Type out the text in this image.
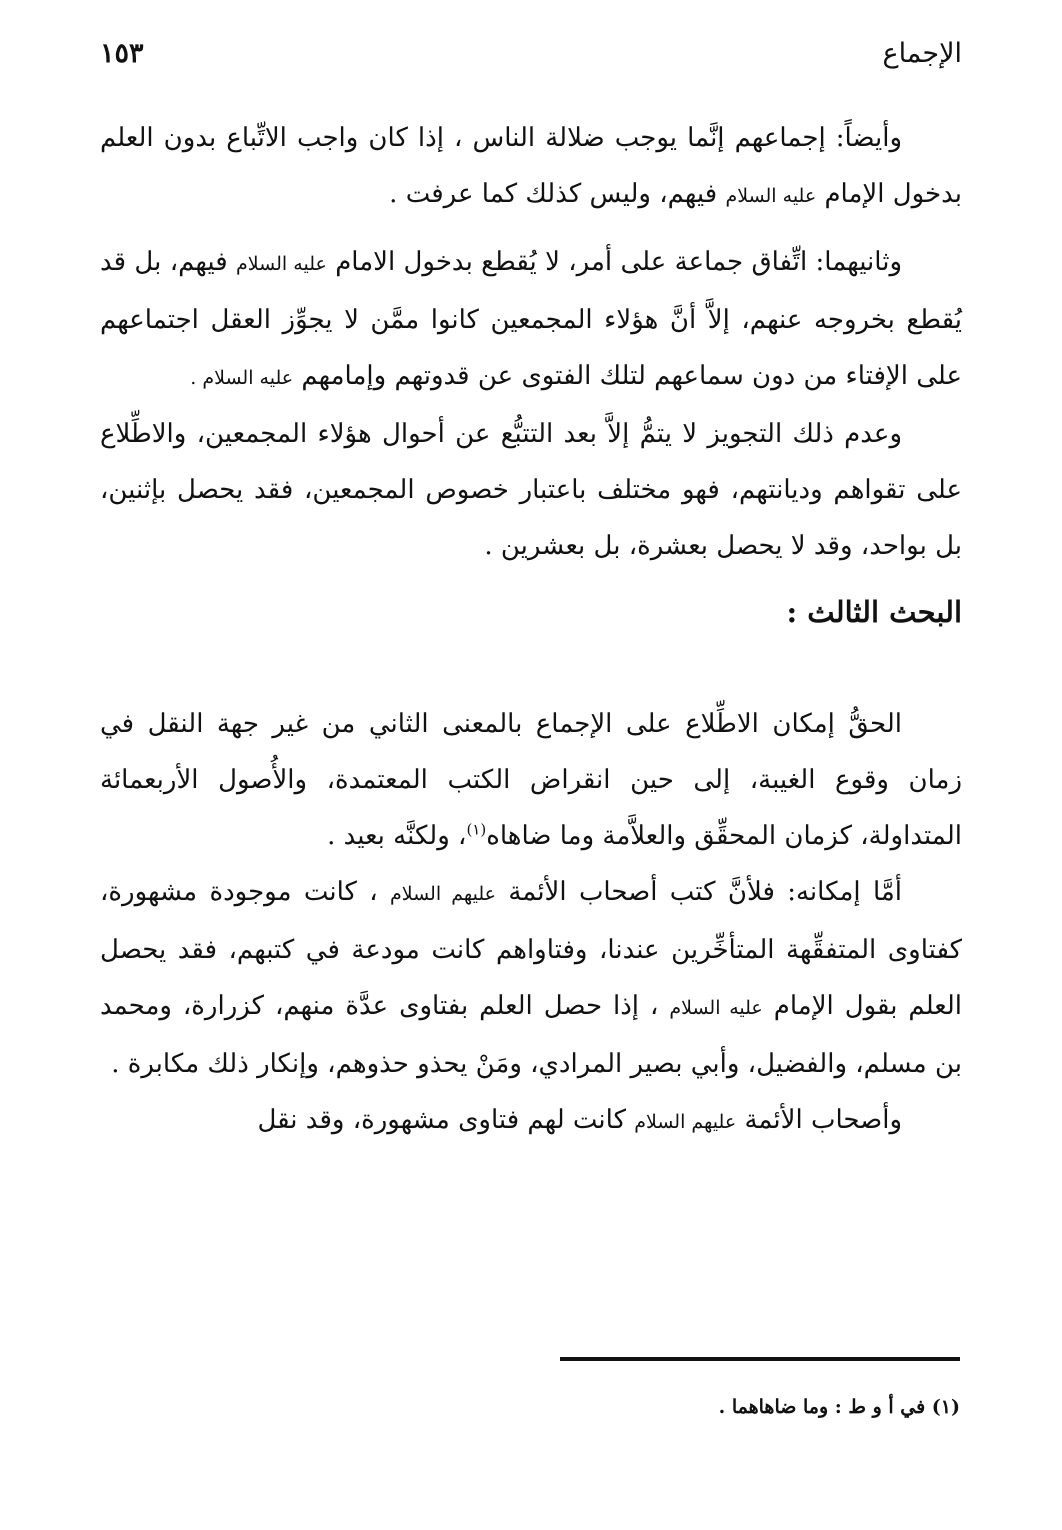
الإجماع
١٥٣

وأيضاً: إجماعهم إنَّما يوجب ضلالة الناس ، إذا كان واجب الاتِّباع بدون العلم بدخول الإمام عليه السلام فيهم، وليس كذلك كما عرفت .

وثانيهما: اتِّفاق جماعة على أمر، لا يُقطع بدخول الامام عليه السلام فيهم، بل قد يُقطع بخروجه عنهم، إلاَّ أنَّ هؤلاء المجمعين كانوا ممَّن لا يجوِّز العقل اجتماعهم على الإفتاء من دون سماعهم لتلك الفتوى عن قدوتهم وإمامهم عليه السلام .

وعدم ذلك التجويز لا يتمُّ إلاَّ بعد التتبُّع عن أحوال هؤلاء المجمعين، والاطِّلاع على تقواهم وديانتهم، فهو مختلف باعتبار خصوص المجمعين، فقد يحصل بإثنين، بل بواحد، وقد لا يحصل بعشرة، بل بعشرين .

البحث الثالث :

الحقُّ إمكان الاطِّلاع على الإجماع بالمعنى الثاني من غير جهة النقل في زمان وقوع الغيبة، إلى حين انقراض الكتب المعتمدة، والأُصول الأربعمائة المتداولة، كزمان المحقِّق والعلاَّمة وما ضاهاه$^{(١)}$، ولكنَّه بعيد .

أمَّا إمكانه: فلأنَّ كتب أصحاب الأئمة عليهم السلام ، كانت موجودة مشهورة، كفتاوى المتفقِّهة المتأخِّرين عندنا، وفتاواهم كانت مودعة في كتبهم، فقد يحصل العلم بقول الإمام عليه السلام ، إذا حصل العلم بفتاوى عدَّة منهم، كزرارة، ومحمد بن مسلم، والفضيل، وأبي بصير المرادي، ومَنْ يحذو حذوهم، وإنكار ذلك مكابرة .

وأصحاب الأئمة عليهم السلام كانت لهم فتاوى مشهورة، وقد نقل

(١) في أ و ط : وما ضاهاهما .
